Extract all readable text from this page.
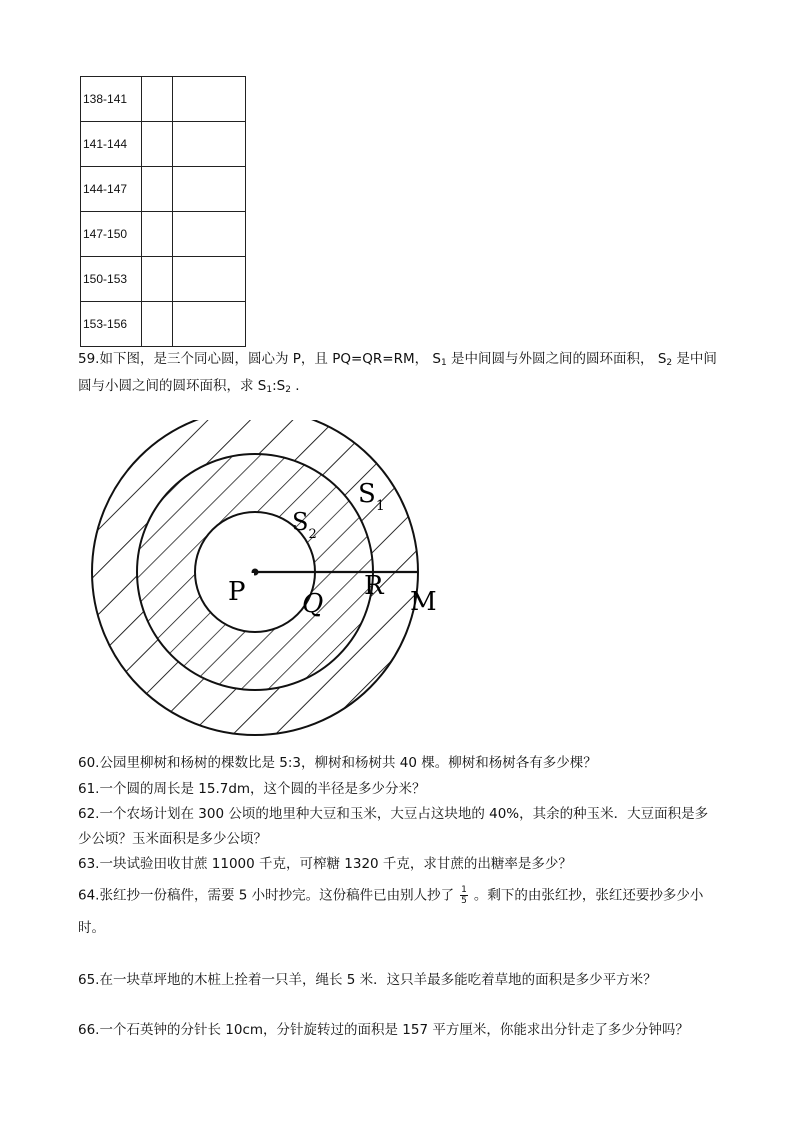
138-141		
141-144		
144-147		
147-150		
150-153		
153-156		
59.如下图，是三个同心圆，圆心为 P，且 PQ=QR=RM， $S_1$ 是中间圆与外圆之间的圆环面积， $S_2$ 是中间
圆与小圆之间的圆环面积，求 $S_1:S_2$ .
P Q
R
M
$S_1$
$S_2$
60.公园里柳树和杨树的棵数比是 5:3，柳树和杨树共 40 棵。柳树和杨树各有多少棵？
61.一个圆的周长是 15.7dm，这个圆的半径是多少分米？
62.一个农场计划在 300 公顷的地里种大豆和玉米，大豆占这块地的 40%，其余的种玉米．大豆面积是多
少公顷？玉米面积是多少公顷？
63.一块试验田收甘蔗 11000 千克，可榨糖 1320 千克，求甘蔗的出糖率是多少？
64.张红抄一份稿件，需要 5 小时抄完。这份稿件已由别人抄了 $\frac{1}{5}$ 。剩下的由张红抄，张红还要抄多少小
时。
65.在一块草坪地的木桩上拴着一只羊，绳长 5 米．这只羊最多能吃着草地的面积是多少平方米？
66.一个石英钟的分针长 10cm，分针旋转过的面积是 157 平方厘米，你能求出分针走了多少分钟吗？
